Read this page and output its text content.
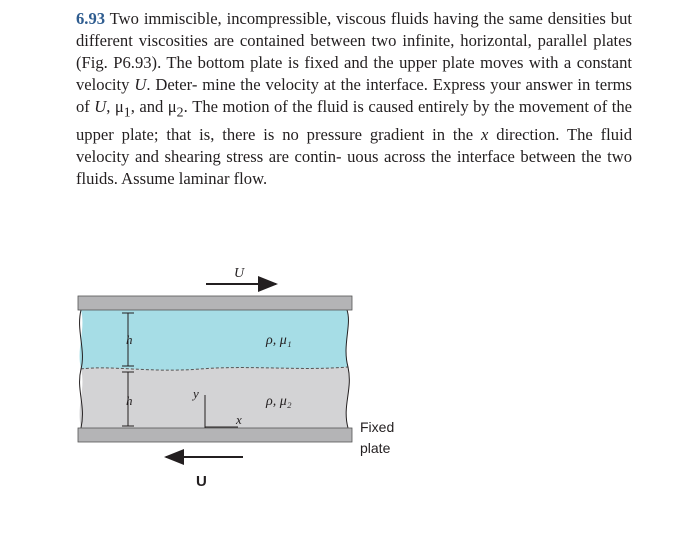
6.93 Two immiscible, incompressible, viscous fluids having the same densities but different viscosities are contained between two infinite, horizontal, parallel plates (Fig. P6.93). The bottom plate is fixed and the upper plate moves with a constant velocity U. Deter- mine the velocity at the interface. Express your answer in terms of U, $\mu_1$, and $\mu_2$. The motion of the fluid is caused entirely by the movement of the upper plate; that is, there is no pressure gradient in the x direction. The fluid velocity and shearing stress are contin- uous across the interface between the two fluids. Assume laminar flow.

U
h
h
ρ, μ₁
ρ, μ₂
y
x	Fixed
plate
U
